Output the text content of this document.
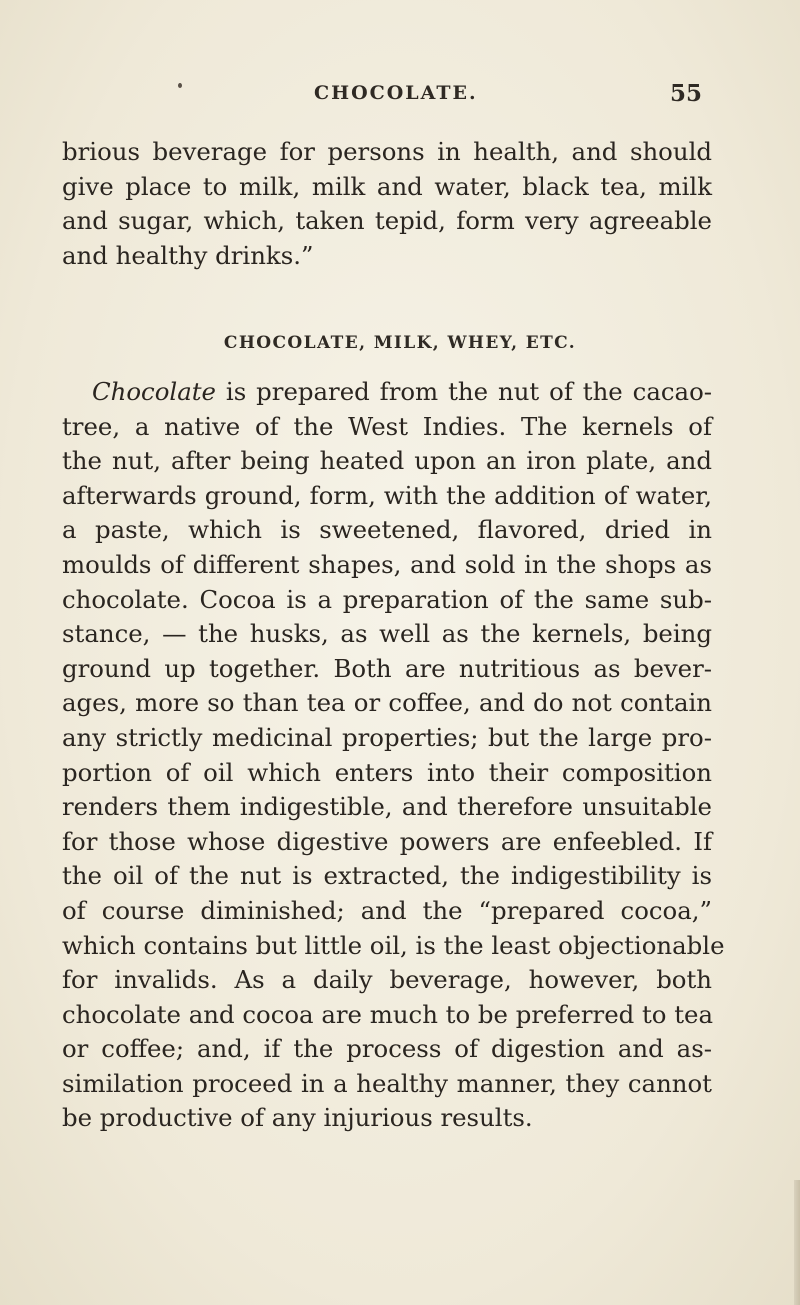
CHOCOLATE.	55
brious beverage for persons in health, and should
give place to milk, milk and water, black tea, milk
and sugar, which, taken tepid, form very agreeable
and healthy drinks.”
CHOCOLATE, MILK, WHEY, ETC.
Chocolate is prepared from the nut of the cacao-
tree, a native of the West Indies. The kernels of
the nut, after being heated upon an iron plate, and
afterwards ground, form, with the addition of water,
a paste, which is sweetened, flavored, dried in
moulds of different shapes, and sold in the shops as
chocolate. Cocoa is a preparation of the same sub-
stance, — the husks, as well as the kernels, being
ground up together. Both are nutritious as bever-
ages, more so than tea or coffee, and do not contain
any strictly medicinal properties; but the large pro-
portion of oil which enters into their composition
renders them indigestible, and therefore unsuitable
for those whose digestive powers are enfeebled. If
the oil of the nut is extracted, the indigestibility is
of course diminished; and the “prepared cocoa,”
which contains but little oil, is the least objectionable
for invalids. As a daily beverage, however, both
chocolate and cocoa are much to be preferred to tea
or coffee; and, if the process of digestion and as-
similation proceed in a healthy manner, they cannot
be productive of any injurious results.
